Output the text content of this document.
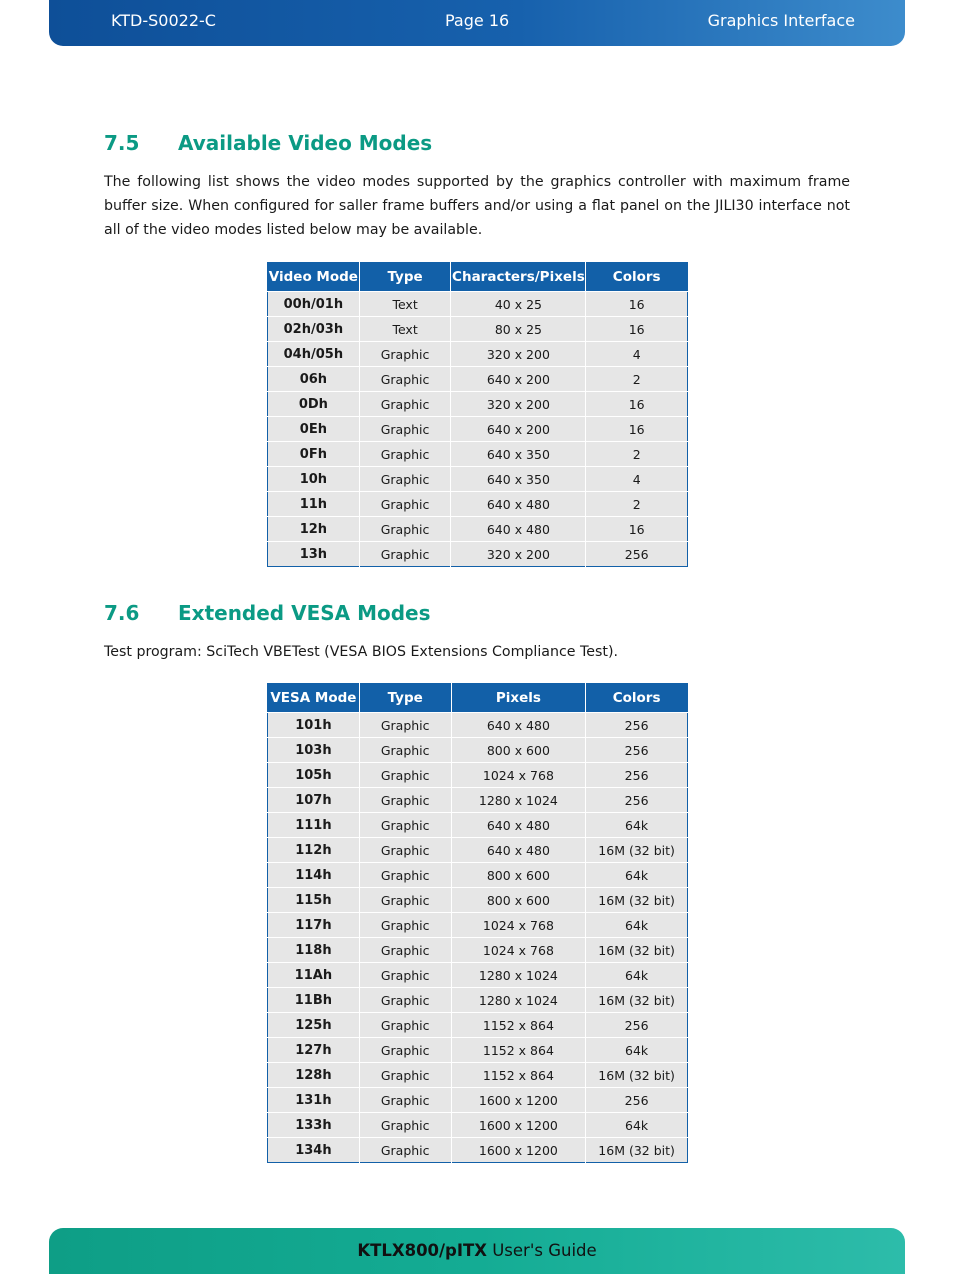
KTD-S0022-C	Page 16	Graphics Interface
7.5 Available Video Modes
The following list shows the video modes supported by the graphics controller with maximum frame buffer size. When configured for saller frame buffers and/or using a flat panel on the JILI30 interface not all of the video modes listed below may be available.
Video Mode	Type	Characters/Pixels	Colors
00h/01h	Text	40 x 25	16
02h/03h	Text	80 x 25	16
04h/05h	Graphic	320 x 200	4
06h	Graphic	640 x 200	2
0Dh	Graphic	320 x 200	16
0Eh	Graphic	640 x 200	16
0Fh	Graphic	640 x 350	2
10h	Graphic	640 x 350	4
11h	Graphic	640 x 480	2
12h	Graphic	640 x 480	16
13h	Graphic	320 x 200	256
7.6 Extended VESA Modes
Test program: SciTech VBETest (VESA BIOS Extensions Compliance Test).
VESA Mode	Type	Pixels	Colors
101h	Graphic	640 x 480	256
103h	Graphic	800 x 600	256
105h	Graphic	1024 x 768	256
107h	Graphic	1280 x 1024	256
111h	Graphic	640 x 480	64k
112h	Graphic	640 x 480	16M (32 bit)
114h	Graphic	800 x 600	64k
115h	Graphic	800 x 600	16M (32 bit)
117h	Graphic	1024 x 768	64k
118h	Graphic	1024 x 768	16M (32 bit)
11Ah	Graphic	1280 x 1024	64k
11Bh	Graphic	1280 x 1024	16M (32 bit)
125h	Graphic	1152 x 864	256
127h	Graphic	1152 x 864	64k
128h	Graphic	1152 x 864	16M (32 bit)
131h	Graphic	1600 x 1200	256
133h	Graphic	1600 x 1200	64k
134h	Graphic	1600 x 1200	16M (32 bit)
KTLX800/pITX User's Guide
